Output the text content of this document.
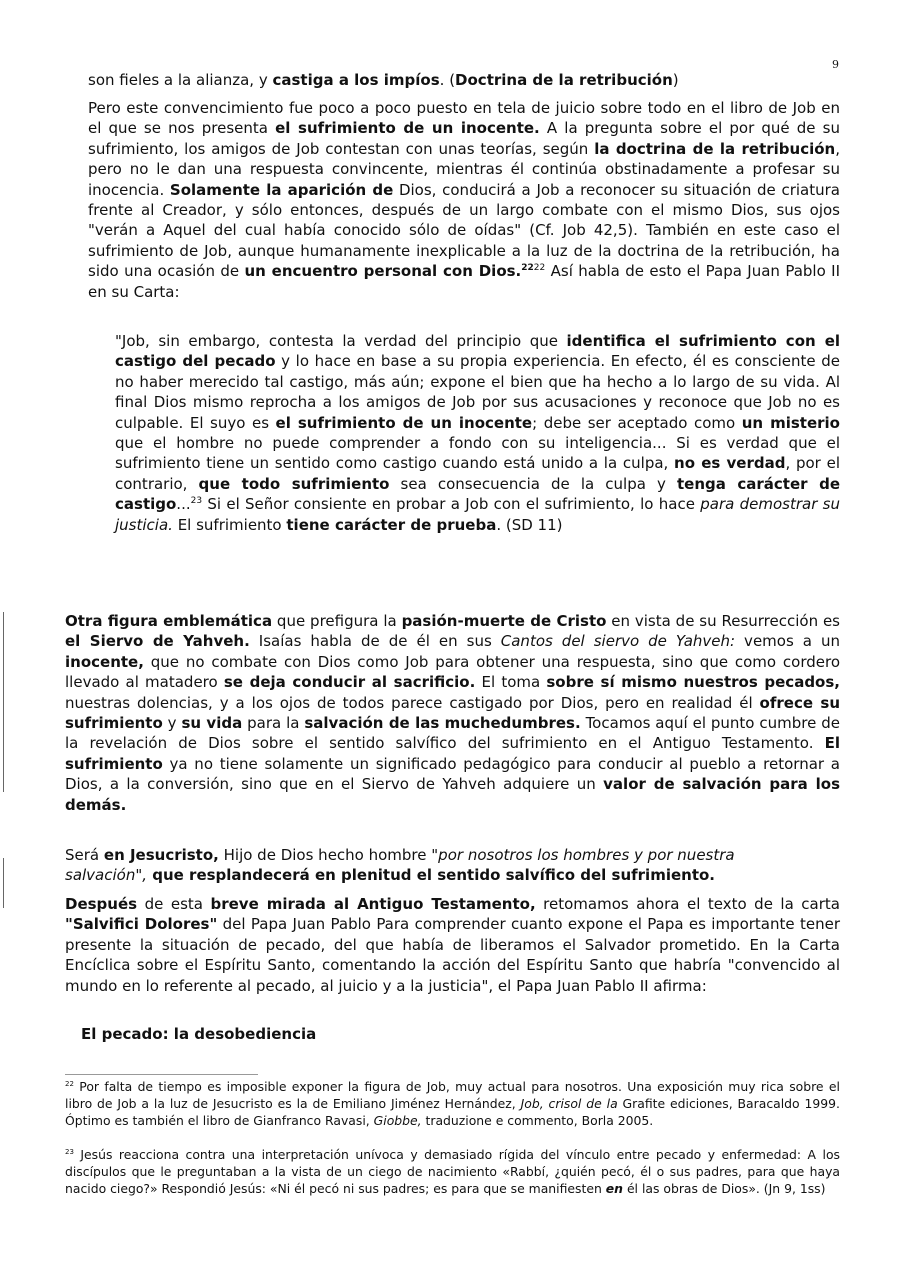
9

son fieles a la alianza, y castiga a los impíos. (Doctrina de la retribución)

Pero este convencimiento fue poco a poco puesto en tela de juicio sobre todo en el libro de Job en el que se nos presenta el sufrimiento de un inocente. A la pregunta sobre el por qué de su sufrimiento, los amigos de Job contestan con unas teorías, según la doctrina de la retribución, pero no le dan una respuesta convincente, mientras él continúa obstinadamente a profesar su inocencia. Solamente la aparición de Dios, conducirá a Job a reconocer su situación de criatura frente al Creador, y sólo entonces, después de un largo combate con el mismo Dios, sus ojos "verán a Aquel del cual había conocido sólo de oídas" (Cf. Job 42,5). También en este caso el sufrimiento de Job, aunque humanamente inexplicable a la luz de la doctrina de la retribución, ha sido una ocasión de un encuentro personal con Dios.$^{2222}$ Así habla de esto el Papa Juan Pablo II en su Carta:

"Job, sin embargo, contesta la verdad del principio que identifica el sufrimiento con el castigo del pecado y lo hace en base a su propia experiencia. En efecto, él es consciente de no haber merecido tal castigo, más aún; expone el bien que ha hecho a lo largo de su vida. Al final Dios mismo reprocha a los amigos de Job por sus acusaciones y reconoce que Job no es culpable. El suyo es el sufrimiento de un inocente; debe ser aceptado como un misterio que el hombre no puede comprender a fondo con su inteligencia... Si es verdad que el sufrimiento tiene un sentido como castigo cuando está unido a la culpa, no es verdad, por el contrario, que todo sufrimiento sea consecuencia de la culpa y tenga carácter de castigo...$^{23}$ Si el Señor consiente en probar a Job con el sufrimiento, lo hace para demostrar su justicia. El sufrimiento tiene carácter de prueba. (SD 11)

Otra figura emblemática que prefigura la pasión-muerte de Cristo en vista de su Resurrección es el Siervo de Yahveh. Isaías habla de de él en sus Cantos del siervo de Yahveh: vemos a un inocente, que no combate con Dios como Job para obtener una respuesta, sino que como cordero llevado al matadero se deja conducir al sacrificio. El toma sobre sí mismo nuestros pecados, nuestras dolencias, y a los ojos de todos parece castigado por Dios, pero en realidad él ofrece su sufrimiento y su vida para la salvación de las muchedumbres. Tocamos aquí el punto cumbre de la revelación de Dios sobre el sentido salvífico del sufrimiento en el Antiguo Testamento. El sufrimiento ya no tiene solamente un significado pedagógico para conducir al pueblo a retornar a Dios, a la conversión, sino que en el Siervo de Yahveh adquiere un valor de salvación para los demás.

Será en Jesucristo, Hijo de Dios hecho hombre "por nosotros los hombres y por nuestra salvación", que resplandecerá en plenitud el sentido salvífico del sufrimiento.

Después de esta breve mirada al Antiguo Testamento, retomamos ahora el texto de la carta "Salvifici Dolores" del Papa Juan Pablo Para comprender cuanto expone el Papa es importante tener presente la situación de pecado, del que había de liberamos el Salvador prometido. En la Carta Encíclica sobre el Espíritu Santo, comentando la acción del Espíritu Santo que habría "convencido al mundo en lo referente al pecado, al juicio y a la justicia", el Papa Juan Pablo II afirma:

El pecado: la desobediencia

$^{22}$ Por falta de tiempo es imposible exponer la figura de Job, muy actual para nosotros. Una exposición muy rica sobre el libro de Job a la luz de Jesucristo es la de Emiliano Jiménez Hernández, Job, crisol de la Grafite ediciones, Baracaldo 1999. Óptimo es también el libro de Gianfranco Ravasi, Giobbe, traduzione e commento, Borla 2005.

$^{23}$ Jesús reacciona contra una interpretación unívoca y demasiado rígida del vínculo entre pecado y enfermedad: A los discípulos que le preguntaban a la vista de un ciego de nacimiento «Rabbí, ¿quién pecó, él o sus padres, para que haya nacido ciego?» Respondió Jesús: «Ni él pecó ni sus padres; es para que se manifiesten en él las obras de Dios». (Jn 9, 1ss)
